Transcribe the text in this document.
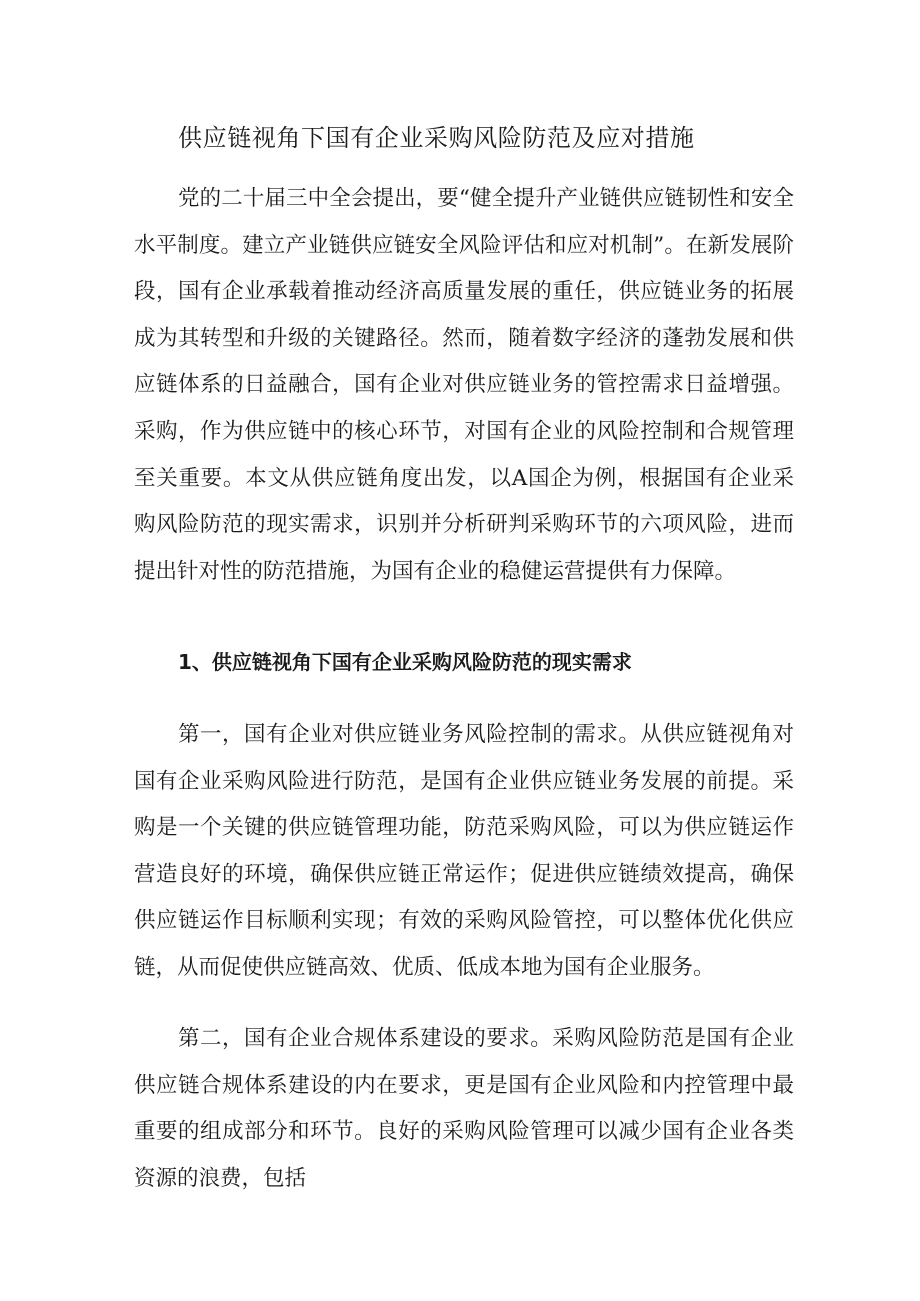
供应链视角下国有企业采购风险防范及应对措施

党的二十届三中全会提出，要“健全提升产业链供应链韧性和安全水平制度。建立产业链供应链安全风险评估和应对机制”。在新发展阶段，国有企业承载着推动经济高质量发展的重任，供应链业务的拓展成为其转型和升级的关键路径。然而，随着数字经济的蓬勃发展和供应链体系的日益融合，国有企业对供应链业务的管控需求日益增强。采购，作为供应链中的核心环节，对国有企业的风险控制和合规管理至关重要。本文从供应链角度出发，以A国企为例，根据国有企业采购风险防范的现实需求，识别并分析研判采购环节的六项风险，进而提出针对性的防范措施，为国有企业的稳健运营提供有力保障。

1、供应链视角下国有企业采购风险防范的现实需求

第一，国有企业对供应链业务风险控制的需求。从供应链视角对国有企业采购风险进行防范，是国有企业供应链业务发展的前提。采购是一个关键的供应链管理功能，防范采购风险，可以为供应链运作营造良好的环境，确保供应链正常运作；促进供应链绩效提高，确保供应链运作目标顺利实现；有效的采购风险管控，可以整体优化供应链，从而促使供应链高效、优质、低成本地为国有企业服务。

第二，国有企业合规体系建设的要求。采购风险防范是国有企业供应链合规体系建设的内在要求，更是国有企业风险和内控管理中最重要的组成部分和环节。良好的采购风险管理可以减少国有企业各类资源的浪费，包括
